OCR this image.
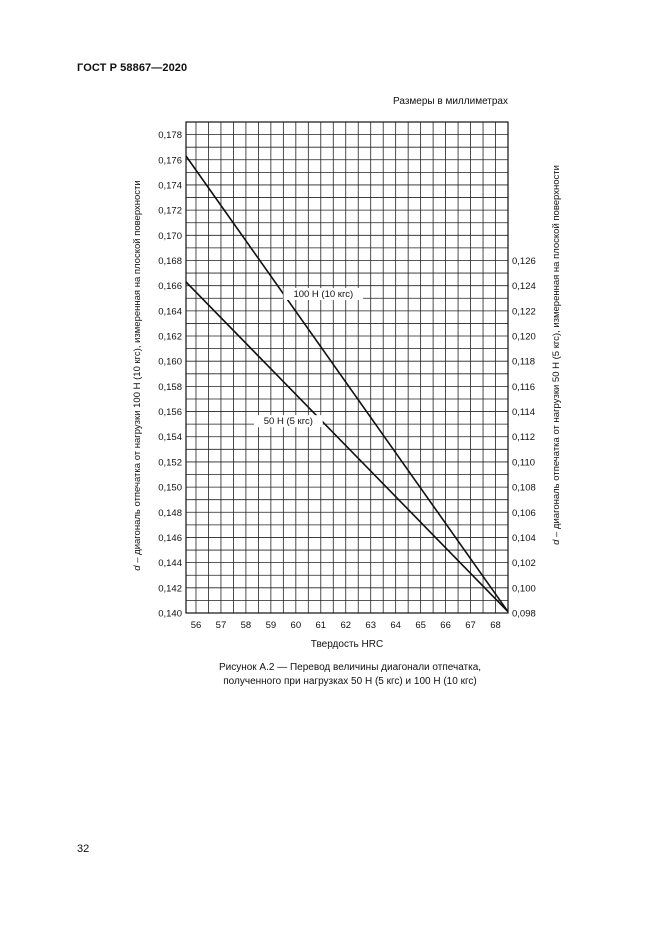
ГОСТ Р 58867—2020
Размеры в миллиметрах
0,140
0,142
0,144
0,146
0,148
0,150
0,152
0,154
0,156
0,158
0,160
0,162
0,164
0,166
0,168
0,170
0,172
0,174
0,176
0,178
0,098
0,100
0,102
0,104
0,106
0,108
0,110
0,112
0,114
0,116
0,118
0,120
0,122
0,124
0,126
56 57 58 59 60 61 62 63 64 65 66 67 68
100 Н (10 кгс)
50 Н (5 кгс)
Твердость HRC
d – диагональ отпечатка от нагрузки 100 Н (10 кгс), измеренная на плоской поверхности	d – диагональ отпечатка от нагрузки 50 Н (5 кгс), измеренная на плоской поверхности
Рисунок А.2 — Перевод величины диагонали отпечатка,
полученного при нагрузках 50 Н (5 кгс) и 100 Н (10 кгс)
32
